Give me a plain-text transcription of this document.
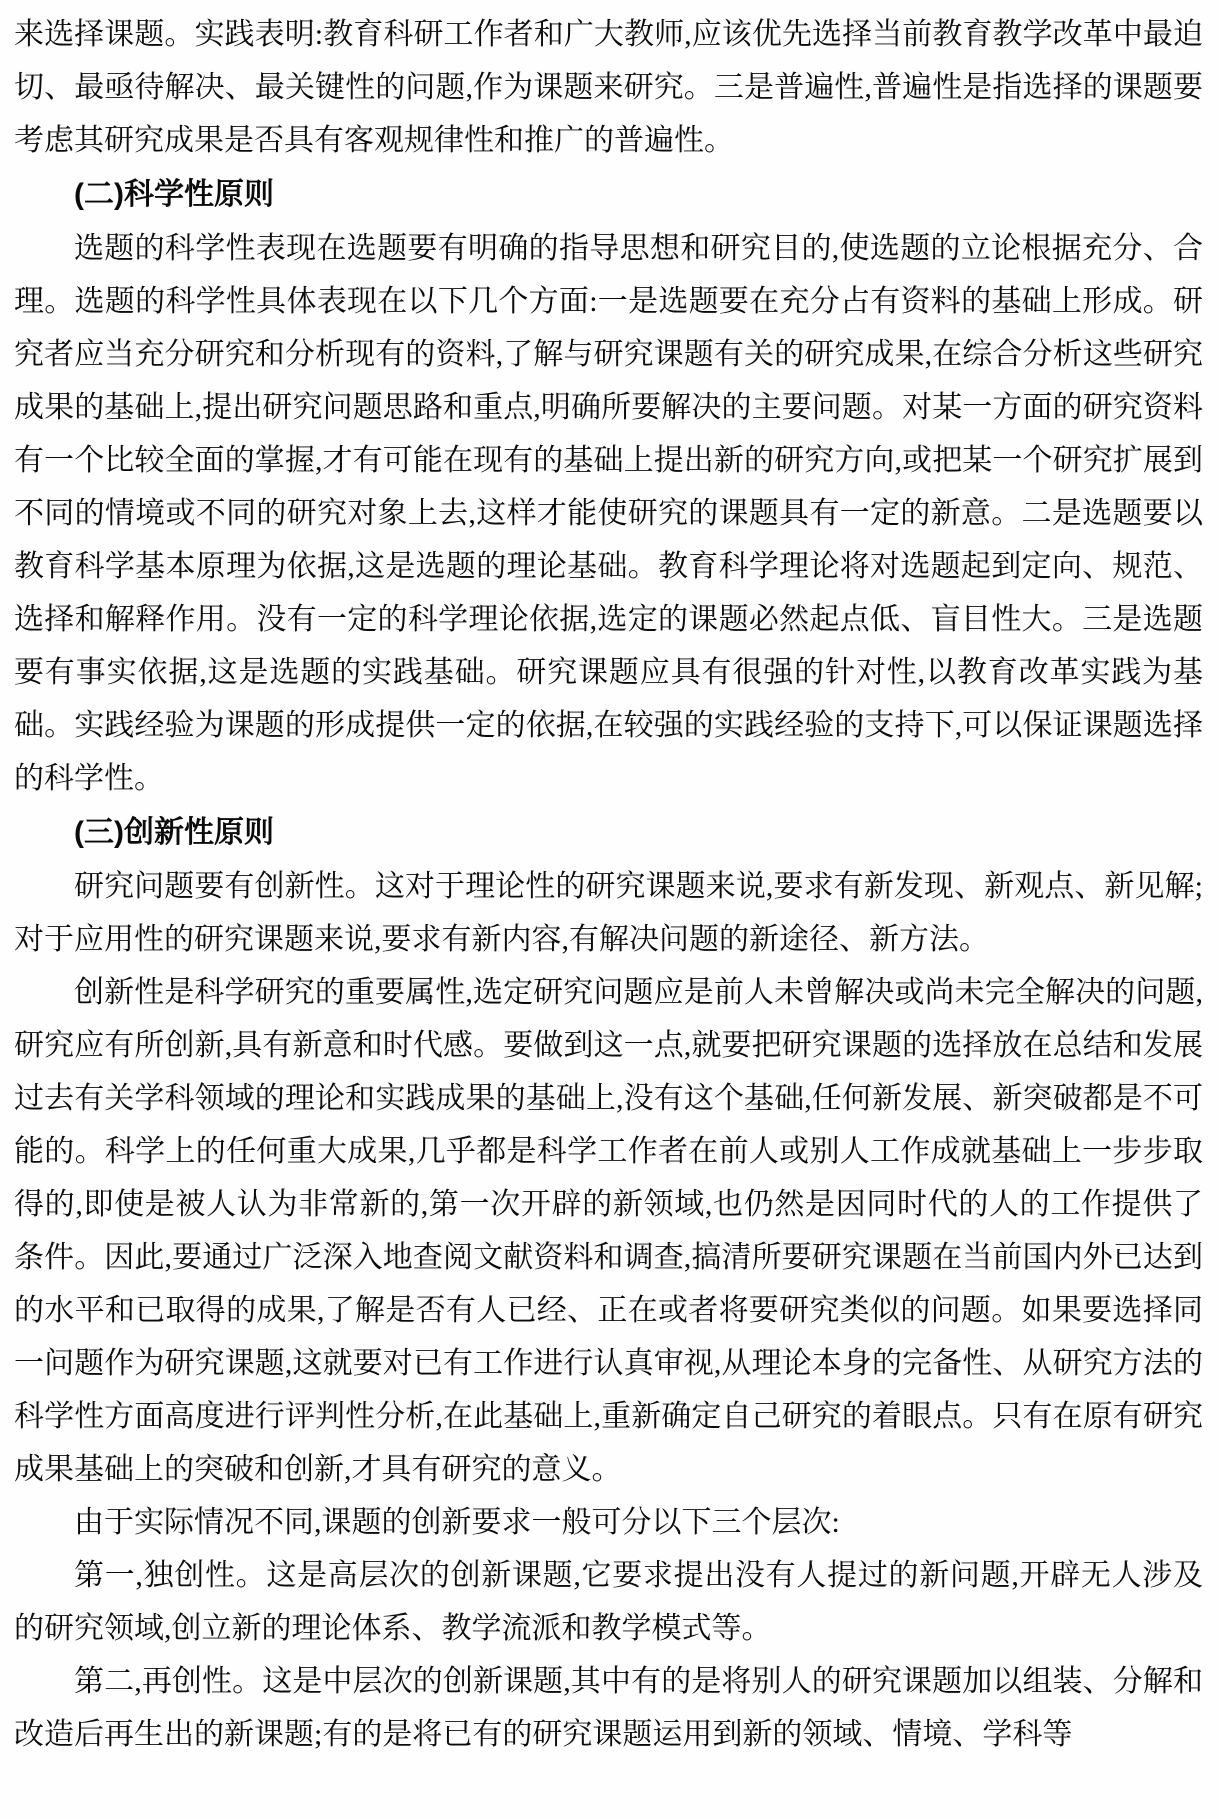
来选择课题。实践表明:教育科研工作者和广大教师,应该优先选择当前教育教学改革中最迫切、最亟待解决、最关键性的问题,作为课题来研究。三是普遍性,普遍性是指选择的课题要考虑其研究成果是否具有客观规律性和推广的普遍性。

(二)科学性原则

选题的科学性表现在选题要有明确的指导思想和研究目的,使选题的立论根据充分、合理。选题的科学性具体表现在以下几个方面:一是选题要在充分占有资料的基础上形成。研究者应当充分研究和分析现有的资料,了解与研究课题有关的研究成果,在综合分析这些研究成果的基础上,提出研究问题思路和重点,明确所要解决的主要问题。对某一方面的研究资料有一个比较全面的掌握,才有可能在现有的基础上提出新的研究方向,或把某一个研究扩展到不同的情境或不同的研究对象上去,这样才能使研究的课题具有一定的新意。二是选题要以教育科学基本原理为依据,这是选题的理论基础。教育科学理论将对选题起到定向、规范、选择和解释作用。没有一定的科学理论依据,选定的课题必然起点低、盲目性大。三是选题要有事实依据,这是选题的实践基础。研究课题应具有很强的针对性,以教育改革实践为基础。实践经验为课题的形成提供一定的依据,在较强的实践经验的支持下,可以保证课题选择的科学性。

(三)创新性原则

研究问题要有创新性。这对于理论性的研究课题来说,要求有新发现、新观点、新见解;对于应用性的研究课题来说,要求有新内容,有解决问题的新途径、新方法。

创新性是科学研究的重要属性,选定研究问题应是前人未曾解决或尚未完全解决的问题,研究应有所创新,具有新意和时代感。要做到这一点,就要把研究课题的选择放在总结和发展过去有关学科领域的理论和实践成果的基础上,没有这个基础,任何新发展、新突破都是不可能的。科学上的任何重大成果,几乎都是科学工作者在前人或别人工作成就基础上一步步取得的,即使是被人认为非常新的,第一次开辟的新领域,也仍然是因同时代的人的工作提供了条件。因此,要通过广泛深入地查阅文献资料和调查,搞清所要研究课题在当前国内外已达到的水平和已取得的成果,了解是否有人已经、正在或者将要研究类似的问题。如果要选择同一问题作为研究课题,这就要对已有工作进行认真审视,从理论本身的完备性、从研究方法的科学性方面高度进行评判性分析,在此基础上,重新确定自己研究的着眼点。只有在原有研究成果基础上的突破和创新,才具有研究的意义。

由于实际情况不同,课题的创新要求一般可分以下三个层次:

第一,独创性。这是高层次的创新课题,它要求提出没有人提过的新问题,开辟无人涉及的研究领域,创立新的理论体系、教学流派和教学模式等。

第二,再创性。这是中层次的创新课题,其中有的是将别人的研究课题加以组装、分解和改造后再生出的新课题;有的是将已有的研究课题运用到新的领域、情境、学科等
